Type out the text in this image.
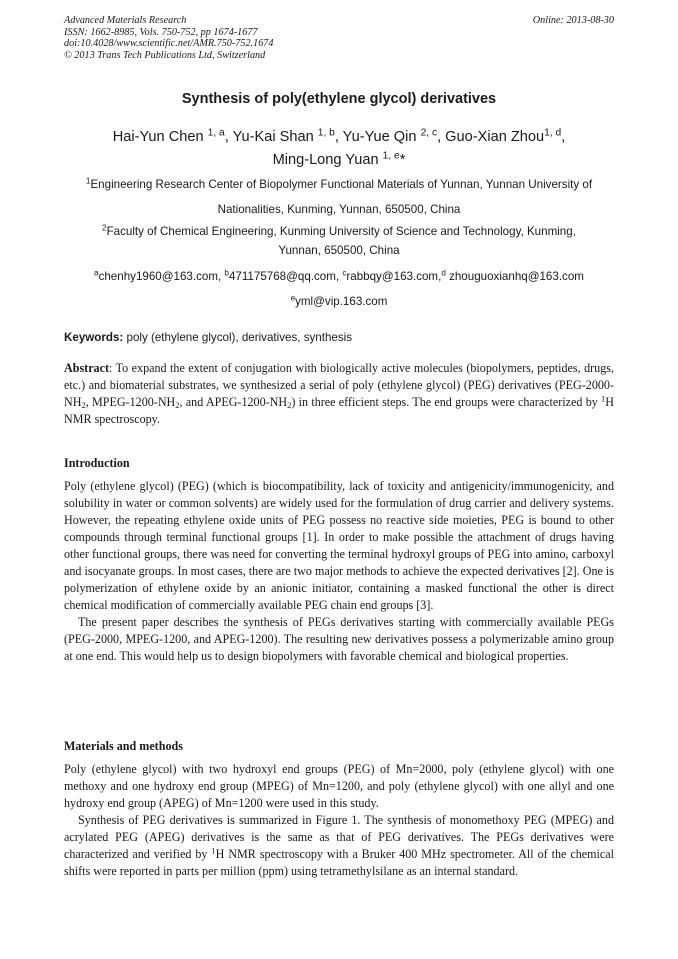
Advanced Materials Research
ISSN: 1662-8985, Vols. 750-752, pp 1674-1677
doi:10.4028/www.scientific.net/AMR.750-752.1674
© 2013 Trans Tech Publications Ltd, Switzerland
Online: 2013-08-30
Synthesis of poly(ethylene glycol) derivatives
Hai-Yun Chen $^{1, a}$, Yu-Kai Shan $^{1, b}$, Yu-Yue Qin $^{2, c}$, Guo-Xian Zhou$^{1, d}$,
Ming-Long Yuan $^{1, e}$*
$^1$Engineering Research Center of Biopolymer Functional Materials of Yunnan, Yunnan University of
Nationalities, Kunming, Yunnan, 650500, China
$^2$Faculty of Chemical Engineering, Kunming University of Science and Technology, Kunming,
Yunnan, 650500, China
$^a$chenhy1960@163.com, $^b$471175768@qq.com, $^c$rabbqy@163.com,$^d$ zhouguoxianhq@163.com
$^e$yml@vip.163.com
Keywords: poly (ethylene glycol), derivatives, synthesis
Abstract: To expand the extent of conjugation with biologically active molecules (biopolymers, peptides, drugs, etc.) and biomaterial substrates, we synthesized a serial of poly (ethylene glycol) (PEG) derivatives ($PEG-2000-NH_2$, MPEG-$1200-NH_2$, and APEG-$1200-NH_2$) in three efficient steps. The end groups were characterized by $^1$H NMR spectroscopy.
Introduction

Poly (ethylene glycol) (PEG) (which is biocompatibility, lack of toxicity and antigenicity/immunogenicity, and solubility in water or common solvents) are widely used for the formulation of drug carrier and delivery systems. However, the repeating ethylene oxide units of PEG possess no reactive side moieties, PEG is bound to other compounds through terminal functional groups [1]. In order to make possible the attachment of drugs having other functional groups, there was need for converting the terminal hydroxyl groups of PEG into amino, carboxyl and isocyanate groups. In most cases, there are two major methods to achieve the expected derivatives [2]. One is polymerization of ethylene oxide by an anionic initiator, containing a masked functional the other is direct chemical modification of commercially available PEG chain end groups [3].

The present paper describes the synthesis of PEGs derivatives starting with commercially available PEGs (PEG-2000, MPEG-1200, and APEG-1200). The resulting new derivatives possess a polymerizable amino group at one end. This would help us to design biopolymers with favorable chemical and biological properties.

Materials and methods

Poly (ethylene glycol) with two hydroxyl end groups (PEG) of Mn=2000, poly (ethylene glycol) with one methoxy and one hydroxy end group (MPEG) of Mn=1200, and poly (ethylene glycol) with one allyl and one hydroxy end group (APEG) of Mn=1200 were used in this study.

Synthesis of PEG derivatives is summarized in Figure 1. The synthesis of monomethoxy PEG (MPEG) and acrylated PEG (APEG) derivatives is the same as that of PEG derivatives. The PEGs derivatives were characterized and verified by $^1$H NMR spectroscopy with a Bruker 400 MHz spectrometer. All of the chemical shifts were reported in parts per million (ppm) using tetramethylsilane as an internal standard.
